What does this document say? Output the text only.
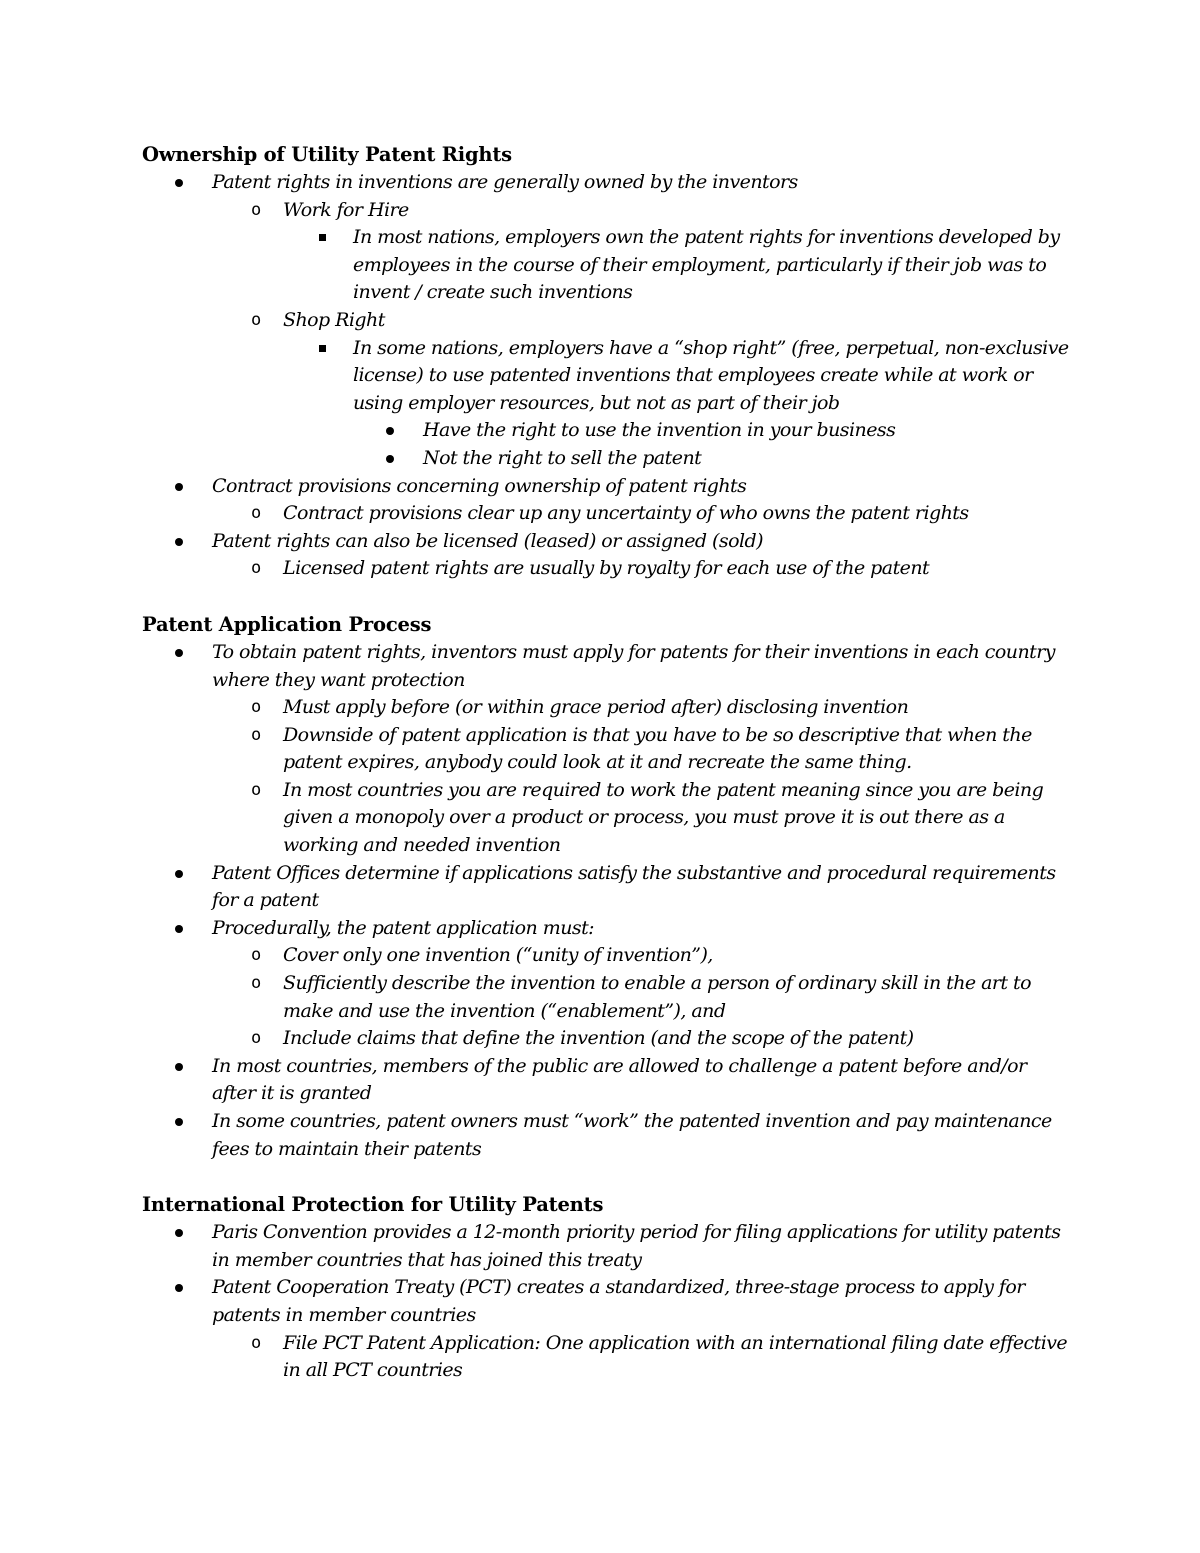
Ownership of Utility Patent Rights
Patent rights in inventions are generally owned by the inventors
o Work for Hire
In most nations, employers own the patent rights for inventions developed by employees in the course of their employment, particularly if their job was to invent / create such inventions
o Shop Right
In some nations, employers have a “shop right” (free, perpetual, non-exclusive license) to use patented inventions that employees create while at work or using employer resources, but not as part of their job
Have the right to use the invention in your business
Not the right to sell the patent
Contract provisions concerning ownership of patent rights
o Contract provisions clear up any uncertainty of who owns the patent rights
Patent rights can also be licensed (leased) or assigned (sold)
o Licensed patent rights are usually by royalty for each use of the patent
Patent Application Process
To obtain patent rights, inventors must apply for patents for their inventions in each country where they want protection
o Must apply before (or within grace period after) disclosing invention
o Downside of patent application is that you have to be so descriptive that when the patent expires, anybody could look at it and recreate the same thing.
o In most countries you are required to work the patent meaning since you are being given a monopoly over a product or process, you must prove it is out there as a working and needed invention
Patent Offices determine if applications satisfy the substantive and procedural requirements for a patent
Procedurally, the patent application must:
o Cover only one invention (“unity of invention”),
o Sufficiently describe the invention to enable a person of ordinary skill in the art to make and use the invention (“enablement”), and
o Include claims that define the invention (and the scope of the patent)
In most countries, members of the public are allowed to challenge a patent before and/or after it is granted
In some countries, patent owners must “work” the patented invention and pay maintenance fees to maintain their patents
International Protection for Utility Patents
Paris Convention provides a 12-month priority period for filing applications for utility patents in member countries that has joined this treaty
Patent Cooperation Treaty (PCT) creates a standardized, three-stage process to apply for patents in member countries
o File PCT Patent Application: One application with an international filing date effective in all PCT countries
